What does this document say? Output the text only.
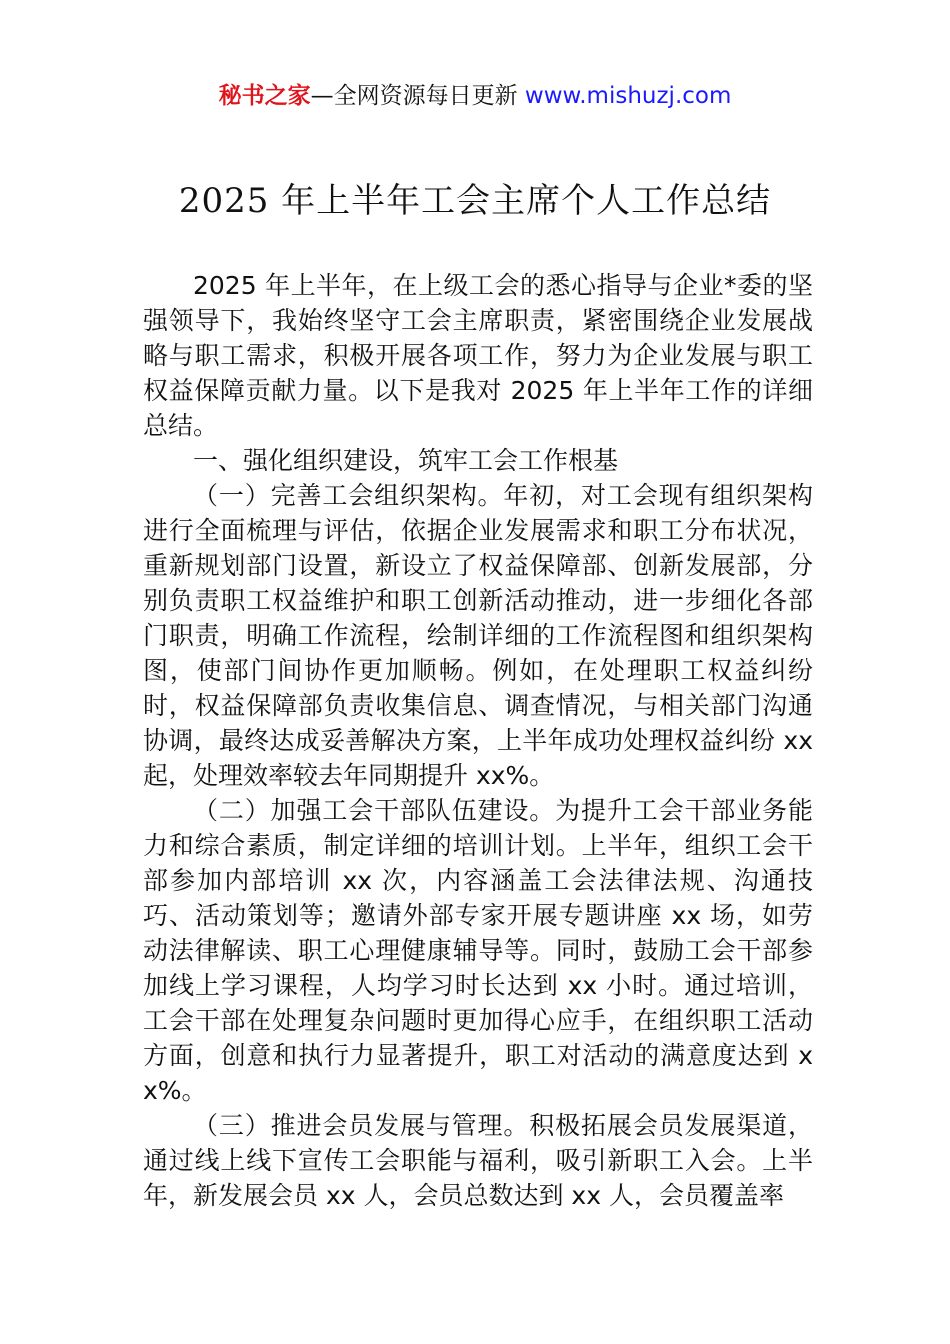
秘书之家—全网资源每日更新 www.mishuzj.com
2025 年上半年工会主席个人工作总结

2025 年上半年，在上级工会的悉心指导与企业*委的坚强领导下，我始终坚守工会主席职责，紧密围绕企业发展战略与职工需求，积极开展各项工作，努力为企业发展与职工权益保障贡献力量。以下是我对 2025 年上半年工作的详细总结。

一、强化组织建设，筑牢工会工作根基

（一）完善工会组织架构。年初，对工会现有组织架构进行全面梳理与评估，依据企业发展需求和职工分布状况，重新规划部门设置，新设立了权益保障部、创新发展部，分别负责职工权益维护和职工创新活动推动，进一步细化各部门职责，明确工作流程，绘制详细的工作流程图和组织架构图，使部门间协作更加顺畅。例如，在处理职工权益纠纷时，权益保障部负责收集信息、调查情况，与相关部门沟通协调，最终达成妥善解决方案，上半年成功处理权益纠纷 xx 起，处理效率较去年同期提升 xx%。

（二）加强工会干部队伍建设。为提升工会干部业务能力和综合素质，制定详细的培训计划。上半年，组织工会干部参加内部培训 xx 次，内容涵盖工会法律法规、沟通技巧、活动策划等；邀请外部专家开展专题讲座 xx 场，如劳动法律解读、职工心理健康辅导等。同时，鼓励工会干部参加线上学习课程，人均学习时长达到 xx 小时。通过培训，工会干部在处理复杂问题时更加得心应手，在组织职工活动方面，创意和执行力显著提升，职工对活动的满意度达到 xx%。

（三）推进会员发展与管理。积极拓展会员发展渠道，通过线上线下宣传工会职能与福利，吸引新职工入会。上半年，新发展会员 xx 人，会员总数达到 xx 人，会员覆盖率
